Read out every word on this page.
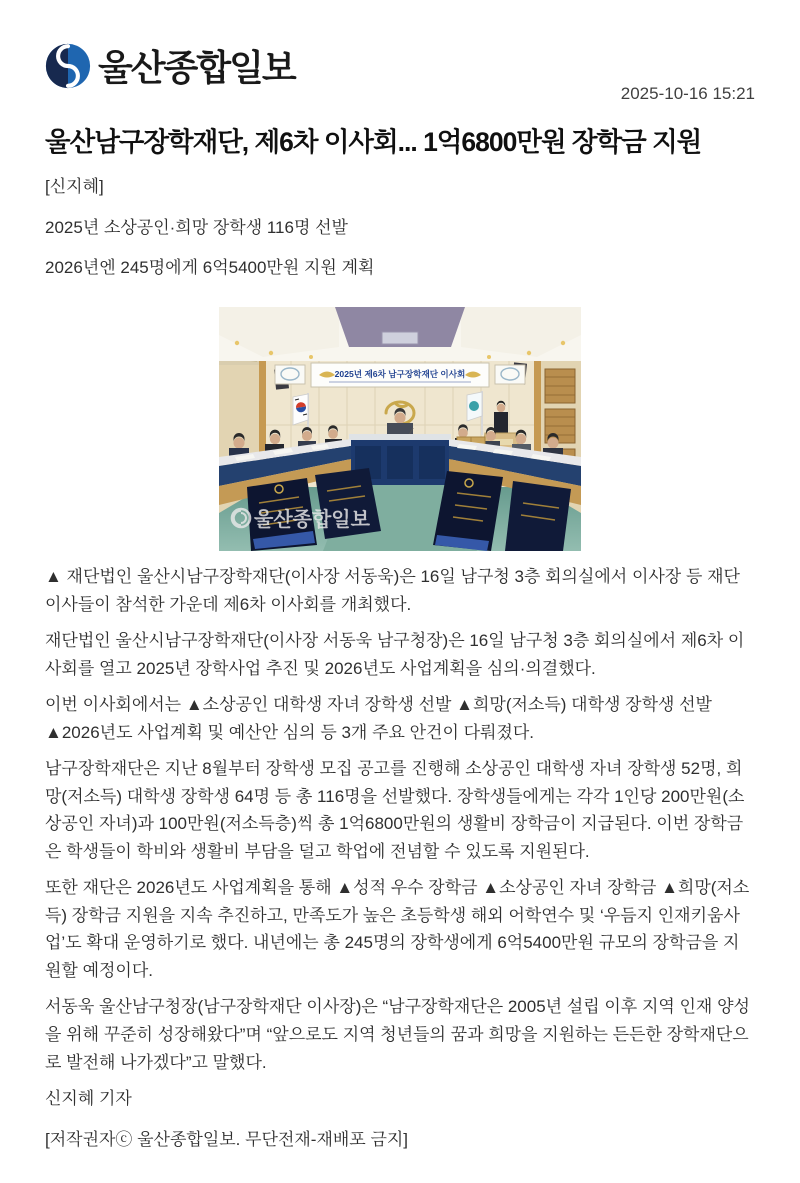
울산종합일보
2025-10-16 15:21
울산남구장학재단, 제6차 이사회... 1억6800만원 장학금 지원

[신지혜]

2025년 소상공인·희망 장학생 116명 선발

2026년엔 245명에게 6억5400만원 지원 계획

2025년 제6차 남구장학재단 이사회
울산종합일보

▲ 재단법인 울산시남구장학재단(이사장 서동욱)은 16일 남구청 3층 회의실에서 이사장 등 재단 이사들이 참석한 가운데 제6차 이사회를 개최했다.

재단법인 울산시남구장학재단(이사장 서동욱 남구청장)은 16일 남구청 3층 회의실에서 제6차 이사회를 열고 2025년 장학사업 추진 및 2026년도 사업계획을 심의·의결했다.

이번 이사회에서는 ▲소상공인 대학생 자녀 장학생 선발 ▲희망(저소득) 대학생 장학생 선발 ▲2026년도 사업계획 및 예산안 심의 등 3개 주요 안건이 다뤄졌다.

남구장학재단은 지난 8월부터 장학생 모집 공고를 진행해 소상공인 대학생 자녀 장학생 52명, 희망(저소득) 대학생 장학생 64명 등 총 116명을 선발했다. 장학생들에게는 각각 1인당 200만원(소상공인 자녀)과 100만원(저소득층)씩 총 1억6800만원의 생활비 장학금이 지급된다. 이번 장학금은 학생들이 학비와 생활비 부담을 덜고 학업에 전념할 수 있도록 지원된다.

또한 재단은 2026년도 사업계획을 통해 ▲성적 우수 장학금 ▲소상공인 자녀 장학금 ▲희망(저소득) 장학금 지원을 지속 추진하고, 만족도가 높은 초등학생 해외 어학연수 및 ‘우듬지 인재키움사업’도 확대 운영하기로 했다. 내년에는 총 245명의 장학생에게 6억5400만원 규모의 장학금을 지원할 예정이다.

서동욱 울산남구청장(남구장학재단 이사장)은 “남구장학재단은 2005년 설립 이후 지역 인재 양성을 위해 꾸준히 성장해왔다”며 “앞으로도 지역 청년들의 꿈과 희망을 지원하는 든든한 장학재단으로 발전해 나가겠다”고 말했다.

신지혜 기자

[저작권자ⓒ 울산종합일보. 무단전재-재배포 금지]
